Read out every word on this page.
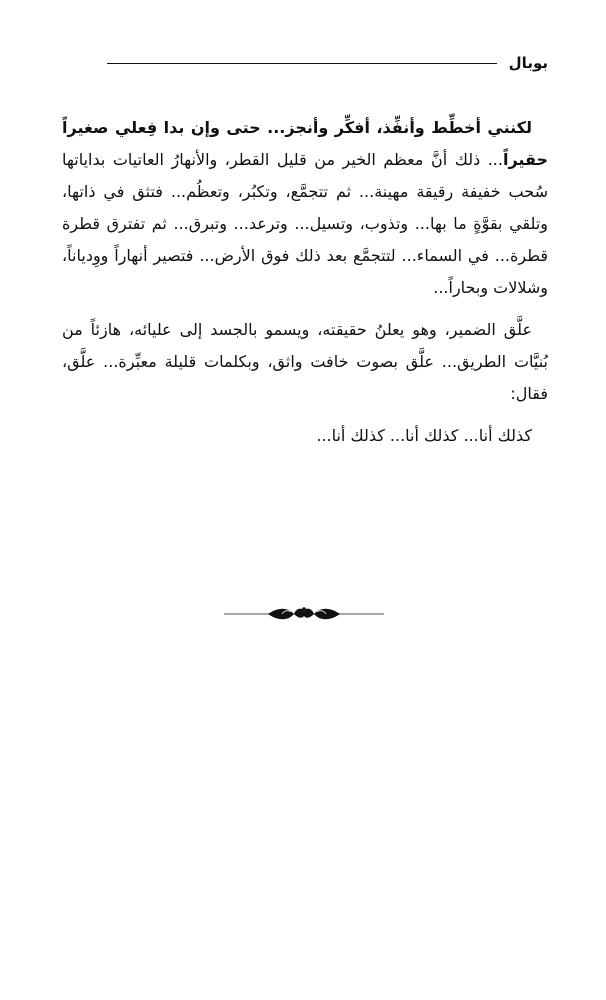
بوبال

لكنني أخطِّط وأنفِّذ، أفكِّر وأنجز... حتى وإن بدا فِعلي صغيراً حقيراً... ذلك أنَّ معظم الخير من قليل القطر، والأنهارُ العاتيات بداياتها سُحب خفيفة رقيقة مهينة... ثم تتجمَّع، وتكبُر، وتعظُم... فتثق في ذاتها، وتلقي بقوَّةٍ ما بها... وتذوب، وتسيل... وترعد... وتبرق... ثم تفترق قطرة قطرة... في السماء... لتتجمَّع بعد ذلك فوق الأرض... فتصير أنهاراً ووِدياناً، وشلالات وبحاراً...

علَّق الضمير، وهو يعلنُ حقيقته، ويسمو بالجسد إلى عليائه، هازئاً من بُنيَّات الطريق... علَّق بصوت خافت واثق، وبكلمات قليلة معبِّرة... علَّق، فقال:

كذلك أنا... كذلك أنا... كذلك أنا...
